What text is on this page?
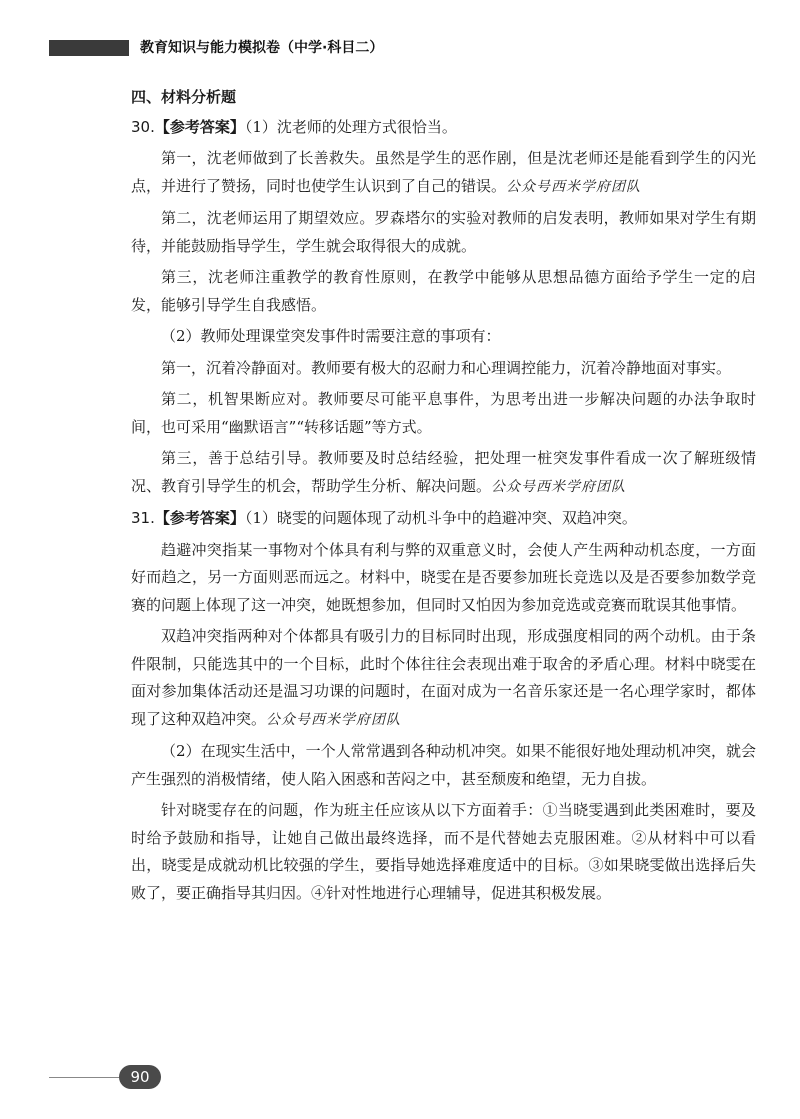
教育知识与能力模拟卷（中学·科目二）
四、材料分析题
30.【参考答案】（1）沈老师的处理方式很恰当。
第一，沈老师做到了长善救失。虽然是学生的恶作剧，但是沈老师还是能看到学生的闪光点，并进行了赞扬，同时也使学生认识到了自己的错误。公众号西米学府团队
第二，沈老师运用了期望效应。罗森塔尔的实验对教师的启发表明，教师如果对学生有期待，并能鼓励指导学生，学生就会取得很大的成就。
第三，沈老师注重教学的教育性原则，在教学中能够从思想品德方面给予学生一定的启发，能够引导学生自我感悟。
（2）教师处理课堂突发事件时需要注意的事项有：
第一，沉着冷静面对。教师要有极大的忍耐力和心理调控能力，沉着冷静地面对事实。
第二，机智果断应对。教师要尽可能平息事件，为思考出进一步解决问题的办法争取时间，也可采用“幽默语言”“转移话题”等方式。
第三，善于总结引导。教师要及时总结经验，把处理一桩突发事件看成一次了解班级情况、教育引导学生的机会，帮助学生分析、解决问题。公众号西米学府团队
31.【参考答案】（1）晓雯的问题体现了动机斗争中的趋避冲突、双趋冲突。
趋避冲突指某一事物对个体具有利与弊的双重意义时，会使人产生两种动机态度，一方面好而趋之，另一方面则恶而远之。材料中，晓雯在是否要参加班长竞选以及是否要参加数学竞赛的问题上体现了这一冲突，她既想参加，但同时又怕因为参加竞选或竞赛而耽误其他事情。
双趋冲突指两种对个体都具有吸引力的目标同时出现，形成强度相同的两个动机。由于条件限制，只能选其中的一个目标，此时个体往往会表现出难于取舍的矛盾心理。材料中晓雯在面对参加集体活动还是温习功课的问题时，在面对成为一名音乐家还是一名心理学家时，都体现了这种双趋冲突。公众号西米学府团队
（2）在现实生活中，一个人常常遇到各种动机冲突。如果不能很好地处理动机冲突，就会产生强烈的消极情绪，使人陷入困惑和苦闷之中，甚至颓废和绝望，无力自拔。
针对晓雯存在的问题，作为班主任应该从以下方面着手：①当晓雯遇到此类困难时，要及时给予鼓励和指导，让她自己做出最终选择，而不是代替她去克服困难。②从材料中可以看出，晓雯是成就动机比较强的学生，要指导她选择难度适中的目标。③如果晓雯做出选择后失败了，要正确指导其归因。④针对性地进行心理辅导，促进其积极发展。
90
